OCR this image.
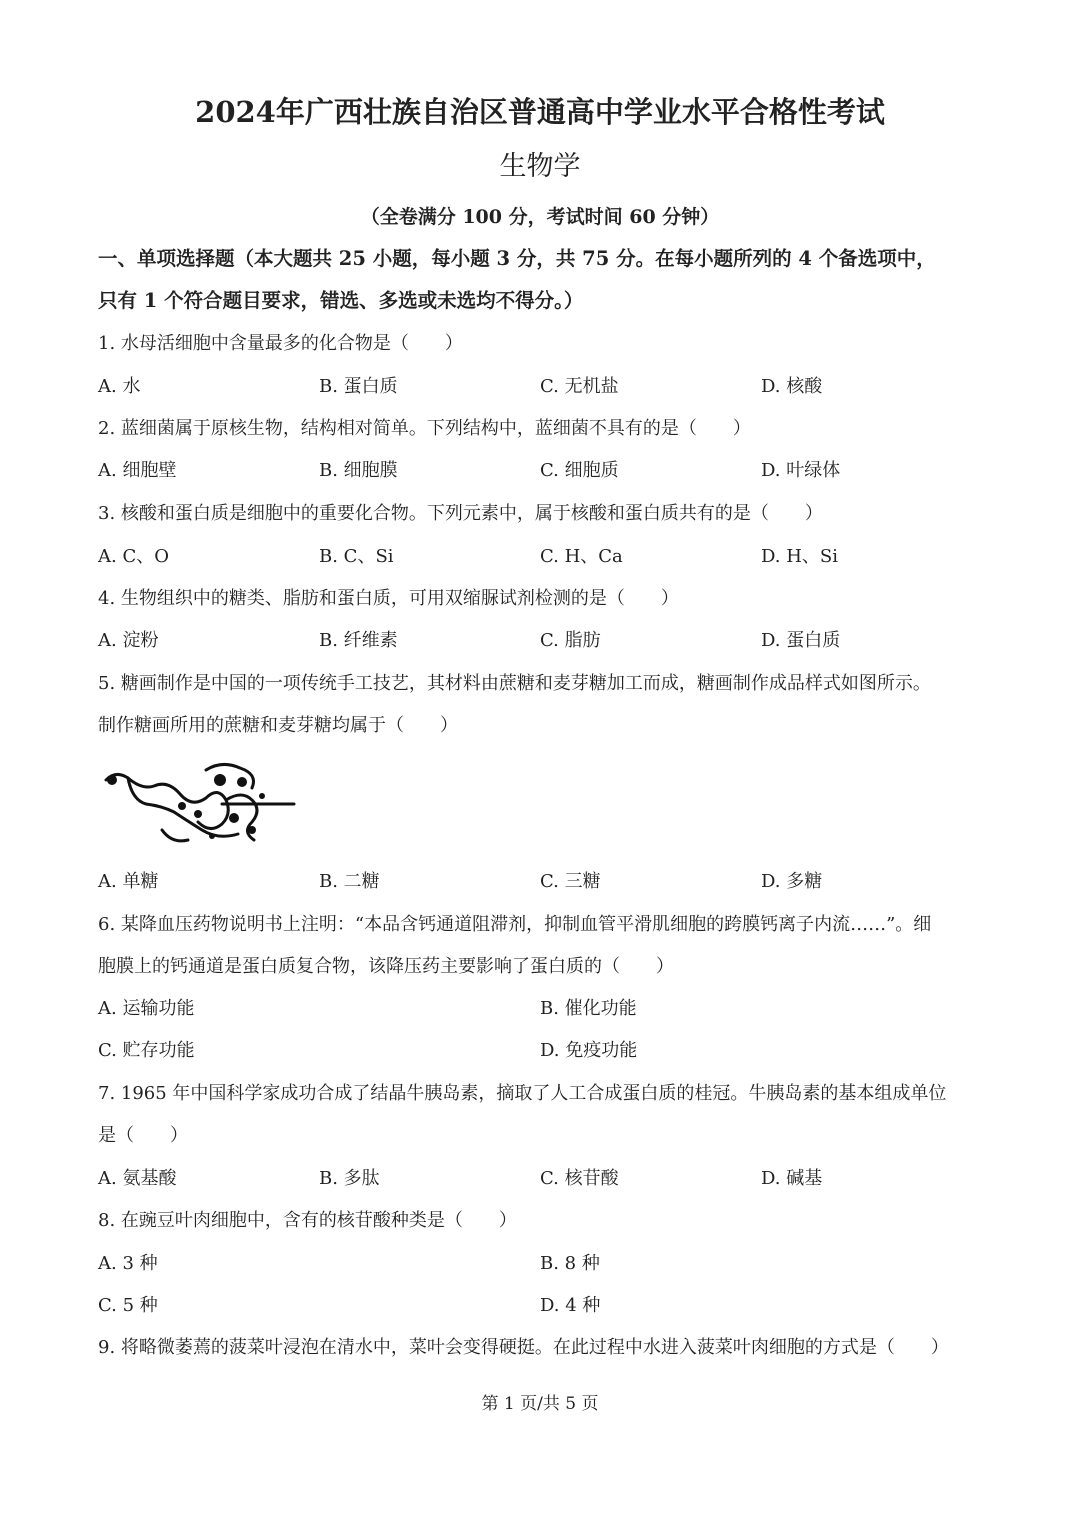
2024年广西壮族自治区普通高中学业水平合格性考试
生物学
（全卷满分 100 分，考试时间 60 分钟）
一、单项选择题（本大题共 25 小题，每小题 3 分，共 75 分。在每小题所列的 4 个备选项中，
只有 1 个符合题目要求，错选、多选或未选均不得分。）
1. 水母活细胞中含量最多的化合物是（　　）
A. 水	B. 蛋白质	C. 无机盐	D. 核酸
2. 蓝细菌属于原核生物，结构相对简单。下列结构中，蓝细菌不具有的是（　　）
A. 细胞壁	B. 细胞膜	C. 细胞质	D. 叶绿体
3. 核酸和蛋白质是细胞中的重要化合物。下列元素中，属于核酸和蛋白质共有的是（　　）
A. C、O	B. C、Si	C. H、Ca	D. H、Si
4. 生物组织中的糖类、脂肪和蛋白质，可用双缩脲试剂检测的是（　　）
A. 淀粉	B. 纤维素	C. 脂肪	D. 蛋白质
5. 糖画制作是中国的一项传统手工技艺，其材料由蔗糖和麦芽糖加工而成，糖画制作成品样式如图所示。
制作糖画所用的蔗糖和麦芽糖均属于（　　）
A. 单糖	B. 二糖	C. 三糖	D. 多糖
6. 某降血压药物说明书上注明：“本品含钙通道阻滞剂，抑制血管平滑肌细胞的跨膜钙离子内流……”。细
胞膜上的钙通道是蛋白质复合物，该降压药主要影响了蛋白质的（　　）
A. 运输功能	B. 催化功能
C. 贮存功能	D. 免疫功能
7. 1965 年中国科学家成功合成了结晶牛胰岛素，摘取了人工合成蛋白质的桂冠。牛胰岛素的基本组成单位
是（　　）
A. 氨基酸	B. 多肽	C. 核苷酸	D. 碱基
8. 在豌豆叶肉细胞中，含有的核苷酸种类是（　　）
A. 3 种	B. 8 种
C. 5 种	D. 4 种
9. 将略微萎蔫的菠菜叶浸泡在清水中，菜叶会变得硬挺。在此过程中水进入菠菜叶肉细胞的方式是（　　）
第 1 页/共 5 页
